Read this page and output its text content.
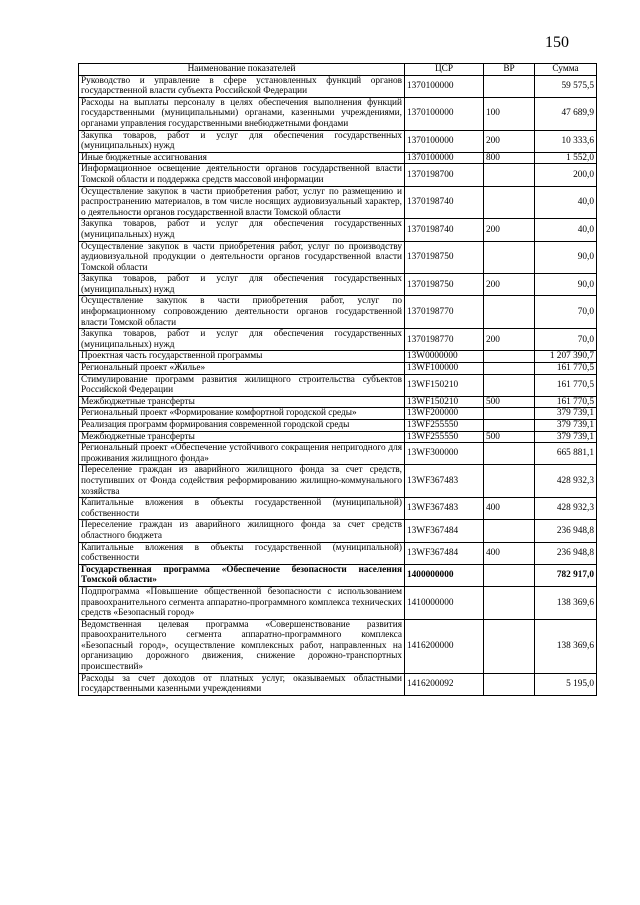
150
Наименование показателей	ЦСР	ВР	Сумма
Руководство и управление в сфере установленных функций органов государственной власти субъекта Российской Федерации	1370100000		59 575,5
Расходы на выплаты персоналу в целях обеспечения выполнения функций государственными (муниципальными) органами, казенными учреждениями, органами управления государственными внебюджетными фондами	1370100000	100	47 689,9
Закупка товаров, работ и услуг для обеспечения государственных (муниципальных) нужд	1370100000	200	10 333,6
Иные бюджетные ассигнования	1370100000	800	1 552,0
Информационное освещение деятельности органов государственной власти Томской области и поддержка средств массовой информации	1370198700		200,0
Осуществление закупок в части приобретения работ, услуг по размещению и распространению материалов, в том числе носящих аудиовизуальный характер, о деятельности органов государственной власти Томской области	1370198740		40,0
Закупка товаров, работ и услуг для обеспечения государственных (муниципальных) нужд	1370198740	200	40,0
Осуществление закупок в части приобретения работ, услуг по производству аудиовизуальной продукции о деятельности органов государственной власти Томской области	1370198750		90,0
Закупка товаров, работ и услуг для обеспечения государственных (муниципальных) нужд	1370198750	200	90,0
Осуществление закупок в части приобретения работ, услуг по информационному сопровождению деятельности органов государственной власти Томской области	1370198770		70,0
Закупка товаров, работ и услуг для обеспечения государственных (муниципальных) нужд	1370198770	200	70,0
Проектная часть государственной программы	13W0000000		1 207 390,7
Региональный проект «Жилье»	13WF100000		161 770,5
Стимулирование программ развития жилищного строительства субъектов Российской Федерации	13WF150210		161 770,5
Межбюджетные трансферты	13WF150210	500	161 770,5
Региональный проект «Формирование комфортной городской среды»	13WF200000		379 739,1
Реализация программ формирования современной городской среды	13WF255550		379 739,1
Межбюджетные трансферты	13WF255550	500	379 739,1
Региональный проект «Обеспечение устойчивого сокращения непригодного для проживания жилищного фонда»	13WF300000		665 881,1
Переселение граждан из аварийного жилищного фонда за счет средств, поступивших от Фонда содействия реформированию жилищно-коммунального хозяйства	13WF367483		428 932,3
Капитальные вложения в объекты государственной (муниципальной) собственности	13WF367483	400	428 932,3
Переселение граждан из аварийного жилищного фонда за счет средств областного бюджета	13WF367484		236 948,8
Капитальные вложения в объекты государственной (муниципальной) собственности	13WF367484	400	236 948,8
Государственная программа «Обеспечение безопасности населения Томской области»	1400000000		782 917,0
Подпрограмма «Повышение общественной безопасности с использованием правоохранительного сегмента аппаратно-программного комплекса технических средств «Безопасный город»	1410000000		138 369,6
Ведомственная целевая программа «Совершенствование развития правоохранительного сегмента аппаратно-программного комплекса «Безопасный город», осуществление комплексных работ, направленных на организацию дорожного движения, снижение дорожно-транспортных происшествий»	1416200000		138 369,6
Расходы за счет доходов от платных услуг, оказываемых областными государственными казенными учреждениями	1416200092		5 195,0
